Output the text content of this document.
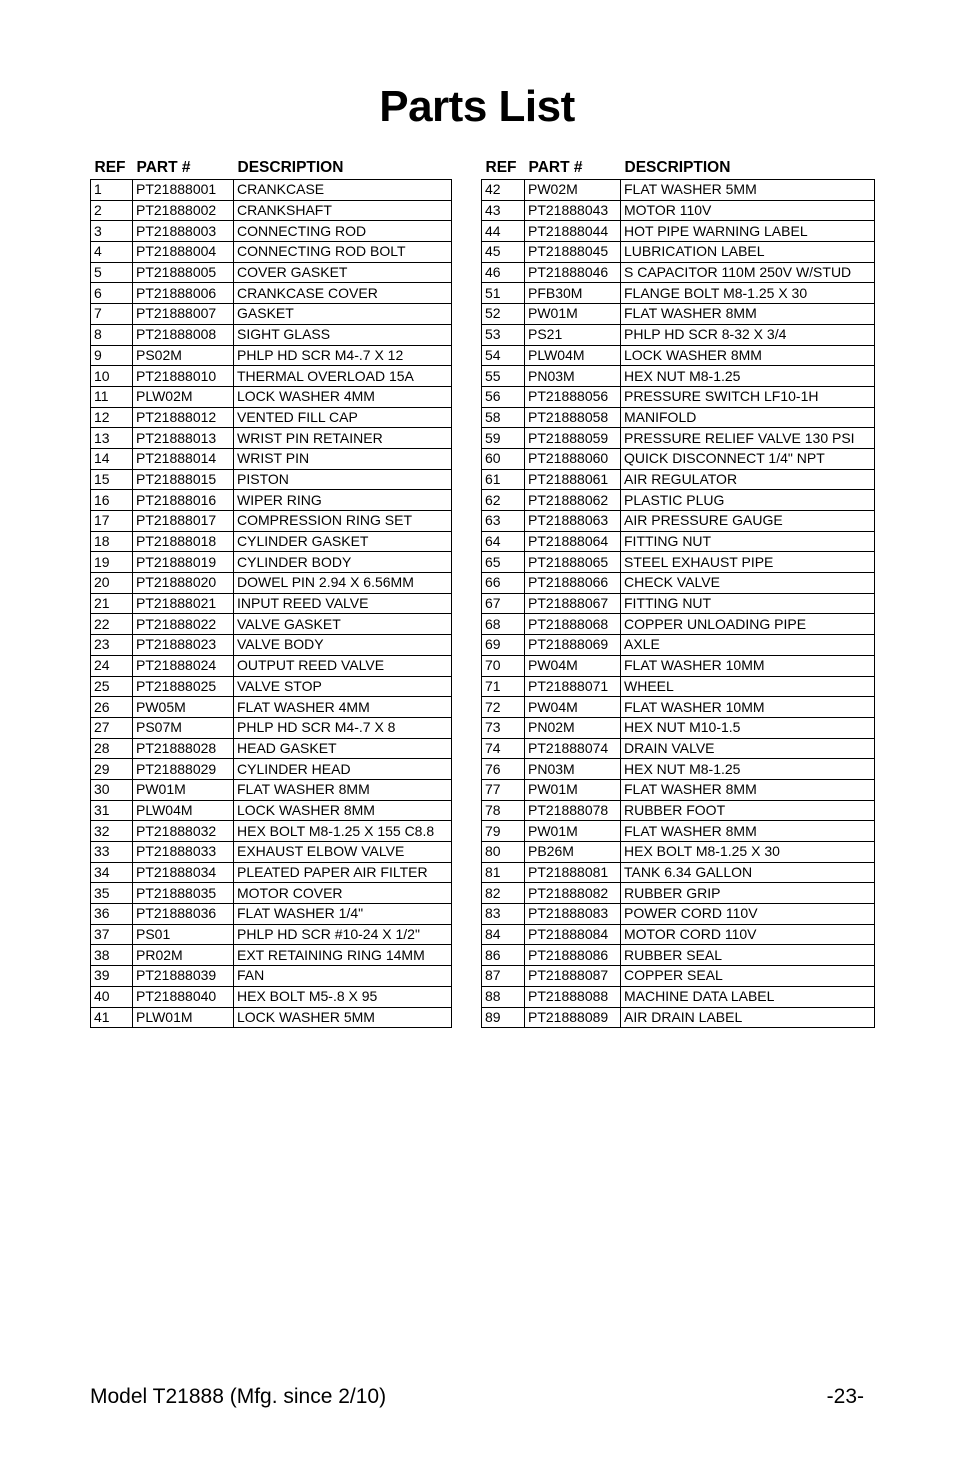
Parts List
REF	PART #	DESCRIPTION
1	PT21888001	CRANKCASE
2	PT21888002	CRANKSHAFT
3	PT21888003	CONNECTING ROD
4	PT21888004	CONNECTING ROD BOLT
5	PT21888005	COVER GASKET
6	PT21888006	CRANKCASE COVER
7	PT21888007	GASKET
8	PT21888008	SIGHT GLASS
9	PS02M	PHLP HD SCR M4-.7 X 12
10	PT21888010	THERMAL OVERLOAD 15A
11	PLW02M	LOCK WASHER 4MM
12	PT21888012	VENTED FILL CAP
13	PT21888013	WRIST PIN RETAINER
14	PT21888014	WRIST PIN
15	PT21888015	PISTON
16	PT21888016	WIPER RING
17	PT21888017	COMPRESSION RING SET
18	PT21888018	CYLINDER GASKET
19	PT21888019	CYLINDER BODY
20	PT21888020	DOWEL PIN 2.94 X 6.56MM
21	PT21888021	INPUT REED VALVE
22	PT21888022	VALVE GASKET
23	PT21888023	VALVE BODY
24	PT21888024	OUTPUT REED VALVE
25	PT21888025	VALVE STOP
26	PW05M	FLAT WASHER 4MM
27	PS07M	PHLP HD SCR M4-.7 X 8
28	PT21888028	HEAD GASKET
29	PT21888029	CYLINDER HEAD
30	PW01M	FLAT WASHER 8MM
31	PLW04M	LOCK WASHER 8MM
32	PT21888032	HEX BOLT M8-1.25 X 155 C8.8
33	PT21888033	EXHAUST ELBOW VALVE
34	PT21888034	PLEATED PAPER AIR FILTER
35	PT21888035	MOTOR COVER
36	PT21888036	FLAT WASHER 1/4"
37	PS01	PHLP HD SCR #10-24 X 1/2"
38	PR02M	EXT RETAINING RING 14MM
39	PT21888039	FAN
40	PT21888040	HEX BOLT M5-.8 X 95
41	PLW01M	LOCK WASHER 5MM
REF	PART #	DESCRIPTION
42	PW02M	FLAT WASHER 5MM
43	PT21888043	MOTOR 110V
44	PT21888044	HOT PIPE WARNING LABEL
45	PT21888045	LUBRICATION LABEL
46	PT21888046	S CAPACITOR 110M 250V W/STUD
51	PFB30M	FLANGE BOLT M8-1.25 X 30
52	PW01M	FLAT WASHER 8MM
53	PS21	PHLP HD SCR 8-32 X 3/4
54	PLW04M	LOCK WASHER 8MM
55	PN03M	HEX NUT M8-1.25
56	PT21888056	PRESSURE SWITCH LF10-1H
58	PT21888058	MANIFOLD
59	PT21888059	PRESSURE RELIEF VALVE 130 PSI
60	PT21888060	QUICK DISCONNECT 1/4" NPT
61	PT21888061	AIR REGULATOR
62	PT21888062	PLASTIC PLUG
63	PT21888063	AIR PRESSURE GAUGE
64	PT21888064	FITTING NUT
65	PT21888065	STEEL EXHAUST PIPE
66	PT21888066	CHECK VALVE
67	PT21888067	FITTING NUT
68	PT21888068	COPPER UNLOADING PIPE
69	PT21888069	AXLE
70	PW04M	FLAT WASHER 10MM
71	PT21888071	WHEEL
72	PW04M	FLAT WASHER 10MM
73	PN02M	HEX NUT M10-1.5
74	PT21888074	DRAIN VALVE
76	PN03M	HEX NUT M8-1.25
77	PW01M	FLAT WASHER 8MM
78	PT21888078	RUBBER FOOT
79	PW01M	FLAT WASHER 8MM
80	PB26M	HEX BOLT M8-1.25 X 30
81	PT21888081	TANK 6.34 GALLON
82	PT21888082	RUBBER GRIP
83	PT21888083	POWER CORD 110V
84	PT21888084	MOTOR CORD 110V
86	PT21888086	RUBBER SEAL
87	PT21888087	COPPER SEAL
88	PT21888088	MACHINE DATA LABEL
89	PT21888089	AIR DRAIN LABEL
Model T21888 (Mfg. since 2/10)	-23-
